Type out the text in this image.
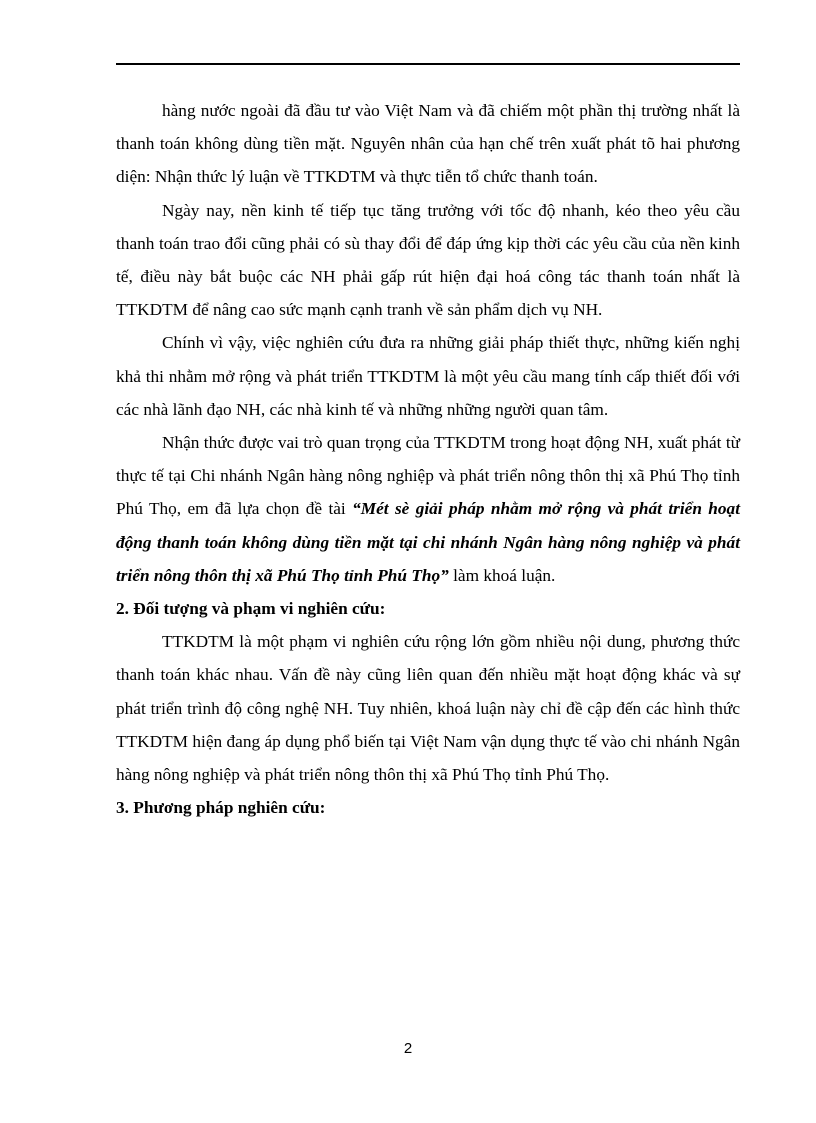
hàng nước ngoài đã đầu tư vào Việt Nam và đã chiếm một phần thị trường nhất là thanh toán không dùng tiền mặt. Nguyên nhân của hạn chế trên xuất phát tõ hai phương diện: Nhận thức lý luận về TTKDTM và thực tiễn tổ chức thanh toán.

Ngày nay, nền kinh tế tiếp tục tăng trưởng với tốc độ nhanh, kéo theo yêu cầu thanh toán trao đổi cũng phải có sù thay đổi để đáp ứng kịp thời các yêu cầu của nền kinh tế, điều này bắt buộc các NH phải gấp rút hiện đại hoá công tác thanh toán nhất là TTKDTM để nâng cao sức mạnh cạnh tranh về sản phẩm dịch vụ NH.

Chính vì vậy, việc nghiên cứu đưa ra những giải pháp thiết thực, những kiến nghị khả thi nhằm mở rộng và phát triển TTKDTM là một yêu cầu mang tính cấp thiết đối với các nhà lãnh đạo NH, các nhà kinh tế và những những người quan tâm.

Nhận thức được vai trò quan trọng của TTKDTM trong hoạt động NH, xuất phát từ thực tế tại Chi nhánh Ngân hàng nông nghiệp và phát triển nông thôn thị xã Phú Thọ tỉnh Phú Thọ, em đã lựa chọn đề tài “Mét sè giải pháp nhằm mở rộng và phát triển hoạt động thanh toán không dùng tiền mặt tại chi nhánh Ngân hàng nông nghiệp và phát triển nông thôn thị xã Phú Thọ tỉnh Phú Thọ” làm khoá luận.

2. Đối tượng và phạm vi nghiên cứu:

TTKDTM là một phạm vi nghiên cứu rộng lớn gồm nhiều nội dung, phương thức thanh toán khác nhau. Vấn đề này cũng liên quan đến nhiều mặt hoạt động khác và sự phát triển trình độ công nghệ NH. Tuy nhiên, khoá luận này chỉ đề cập đến các hình thức TTKDTM hiện đang áp dụng phổ biến tại Việt Nam vận dụng thực tế vào chi nhánh Ngân hàng nông nghiệp và phát triển nông thôn thị xã Phú Thọ tỉnh Phú Thọ.

3. Phương pháp nghiên cứu:

2
